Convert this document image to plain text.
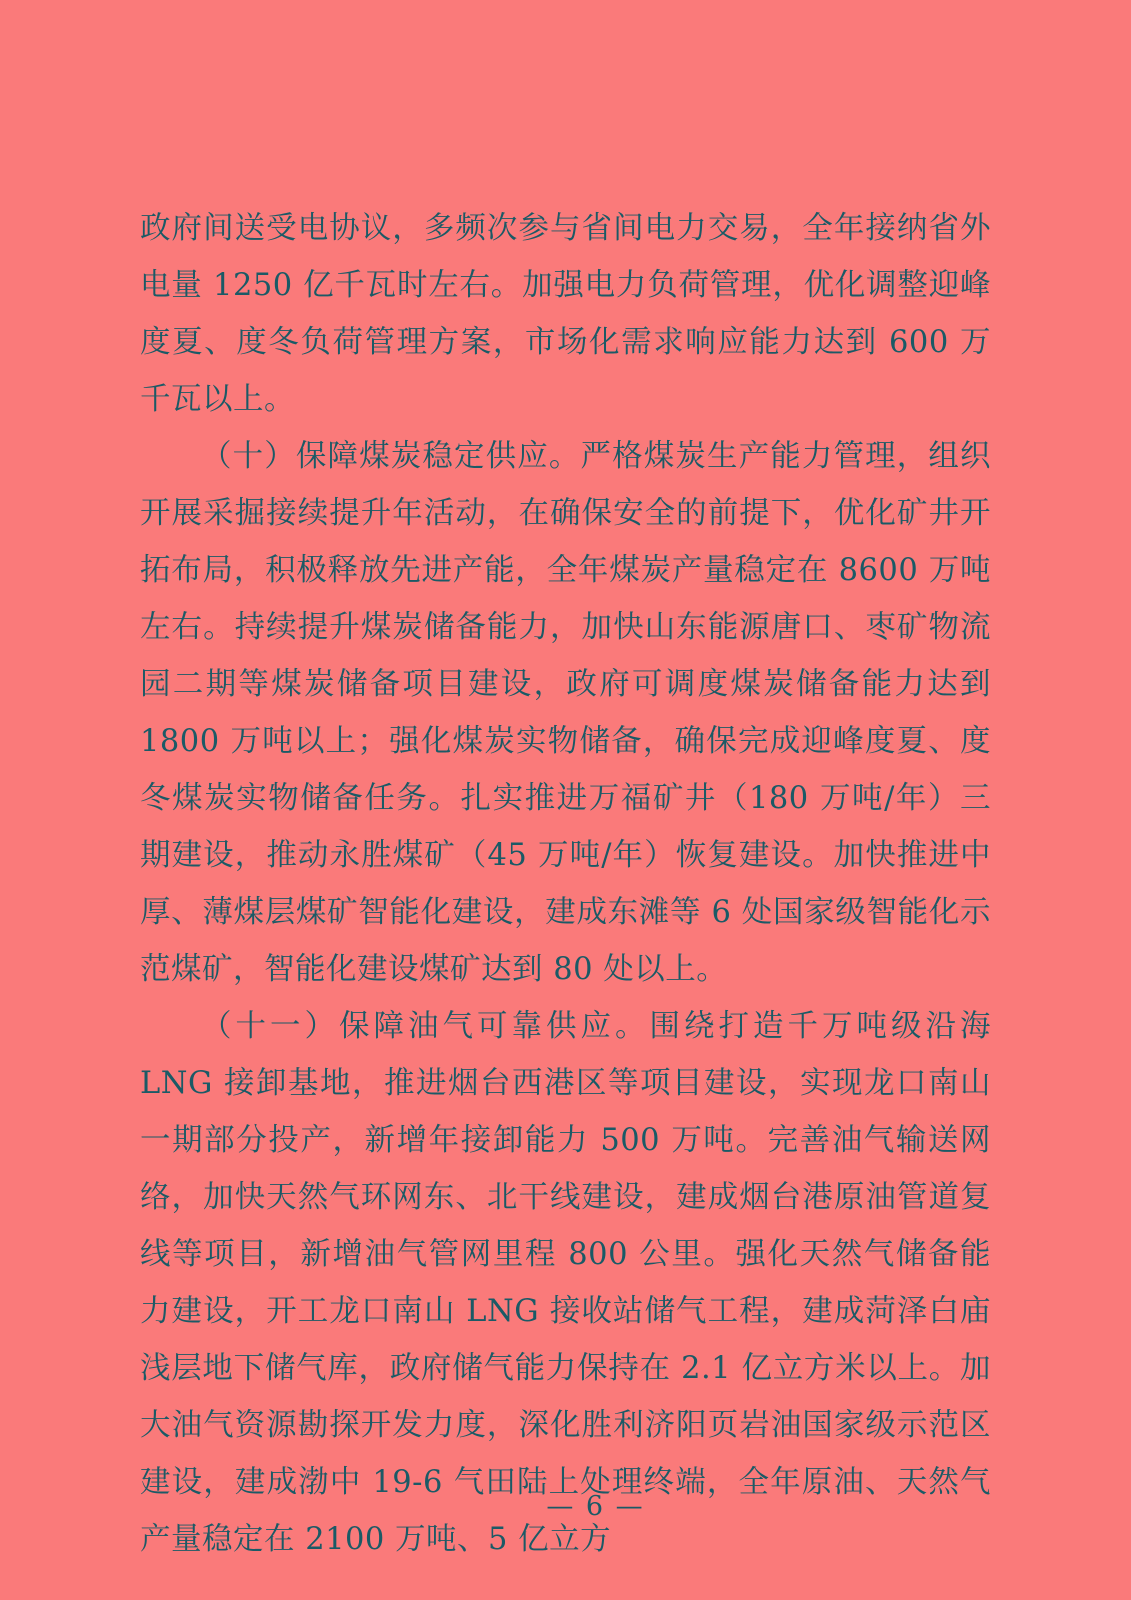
政府间送受电协议，多频次参与省间电力交易，全年接纳省外电量 1250 亿千瓦时左右。加强电力负荷管理，优化调整迎峰度夏、度冬负荷管理方案，市场化需求响应能力达到 600 万千瓦以上。

（十）保障煤炭稳定供应。严格煤炭生产能力管理，组织开展采掘接续提升年活动，在确保安全的前提下，优化矿井开拓布局，积极释放先进产能，全年煤炭产量稳定在 8600 万吨左右。持续提升煤炭储备能力，加快山东能源唐口、枣矿物流园二期等煤炭储备项目建设，政府可调度煤炭储备能力达到 1800 万吨以上；强化煤炭实物储备，确保完成迎峰度夏、度冬煤炭实物储备任务。扎实推进万福矿井（180 万吨/年）三期建设，推动永胜煤矿（45 万吨/年）恢复建设。加快推进中厚、薄煤层煤矿智能化建设，建成东滩等 6 处国家级智能化示范煤矿，智能化建设煤矿达到 80 处以上。

（十一）保障油气可靠供应。围绕打造千万吨级沿海 LNG 接卸基地，推进烟台西港区等项目建设，实现龙口南山一期部分投产，新增年接卸能力 500 万吨。完善油气输送网络，加快天然气环网东、北干线建设，建成烟台港原油管道复线等项目，新增油气管网里程 800 公里。强化天然气储备能力建设，开工龙口南山 LNG 接收站储气工程，建成菏泽白庙浅层地下储气库，政府储气能力保持在 2.1 亿立方米以上。加大油气资源勘探开发力度，深化胜利济阳页岩油国家级示范区建设，建成渤中 19-6 气田陆上处理终端，全年原油、天然气产量稳定在 2100 万吨、5 亿立方

— 6 —
